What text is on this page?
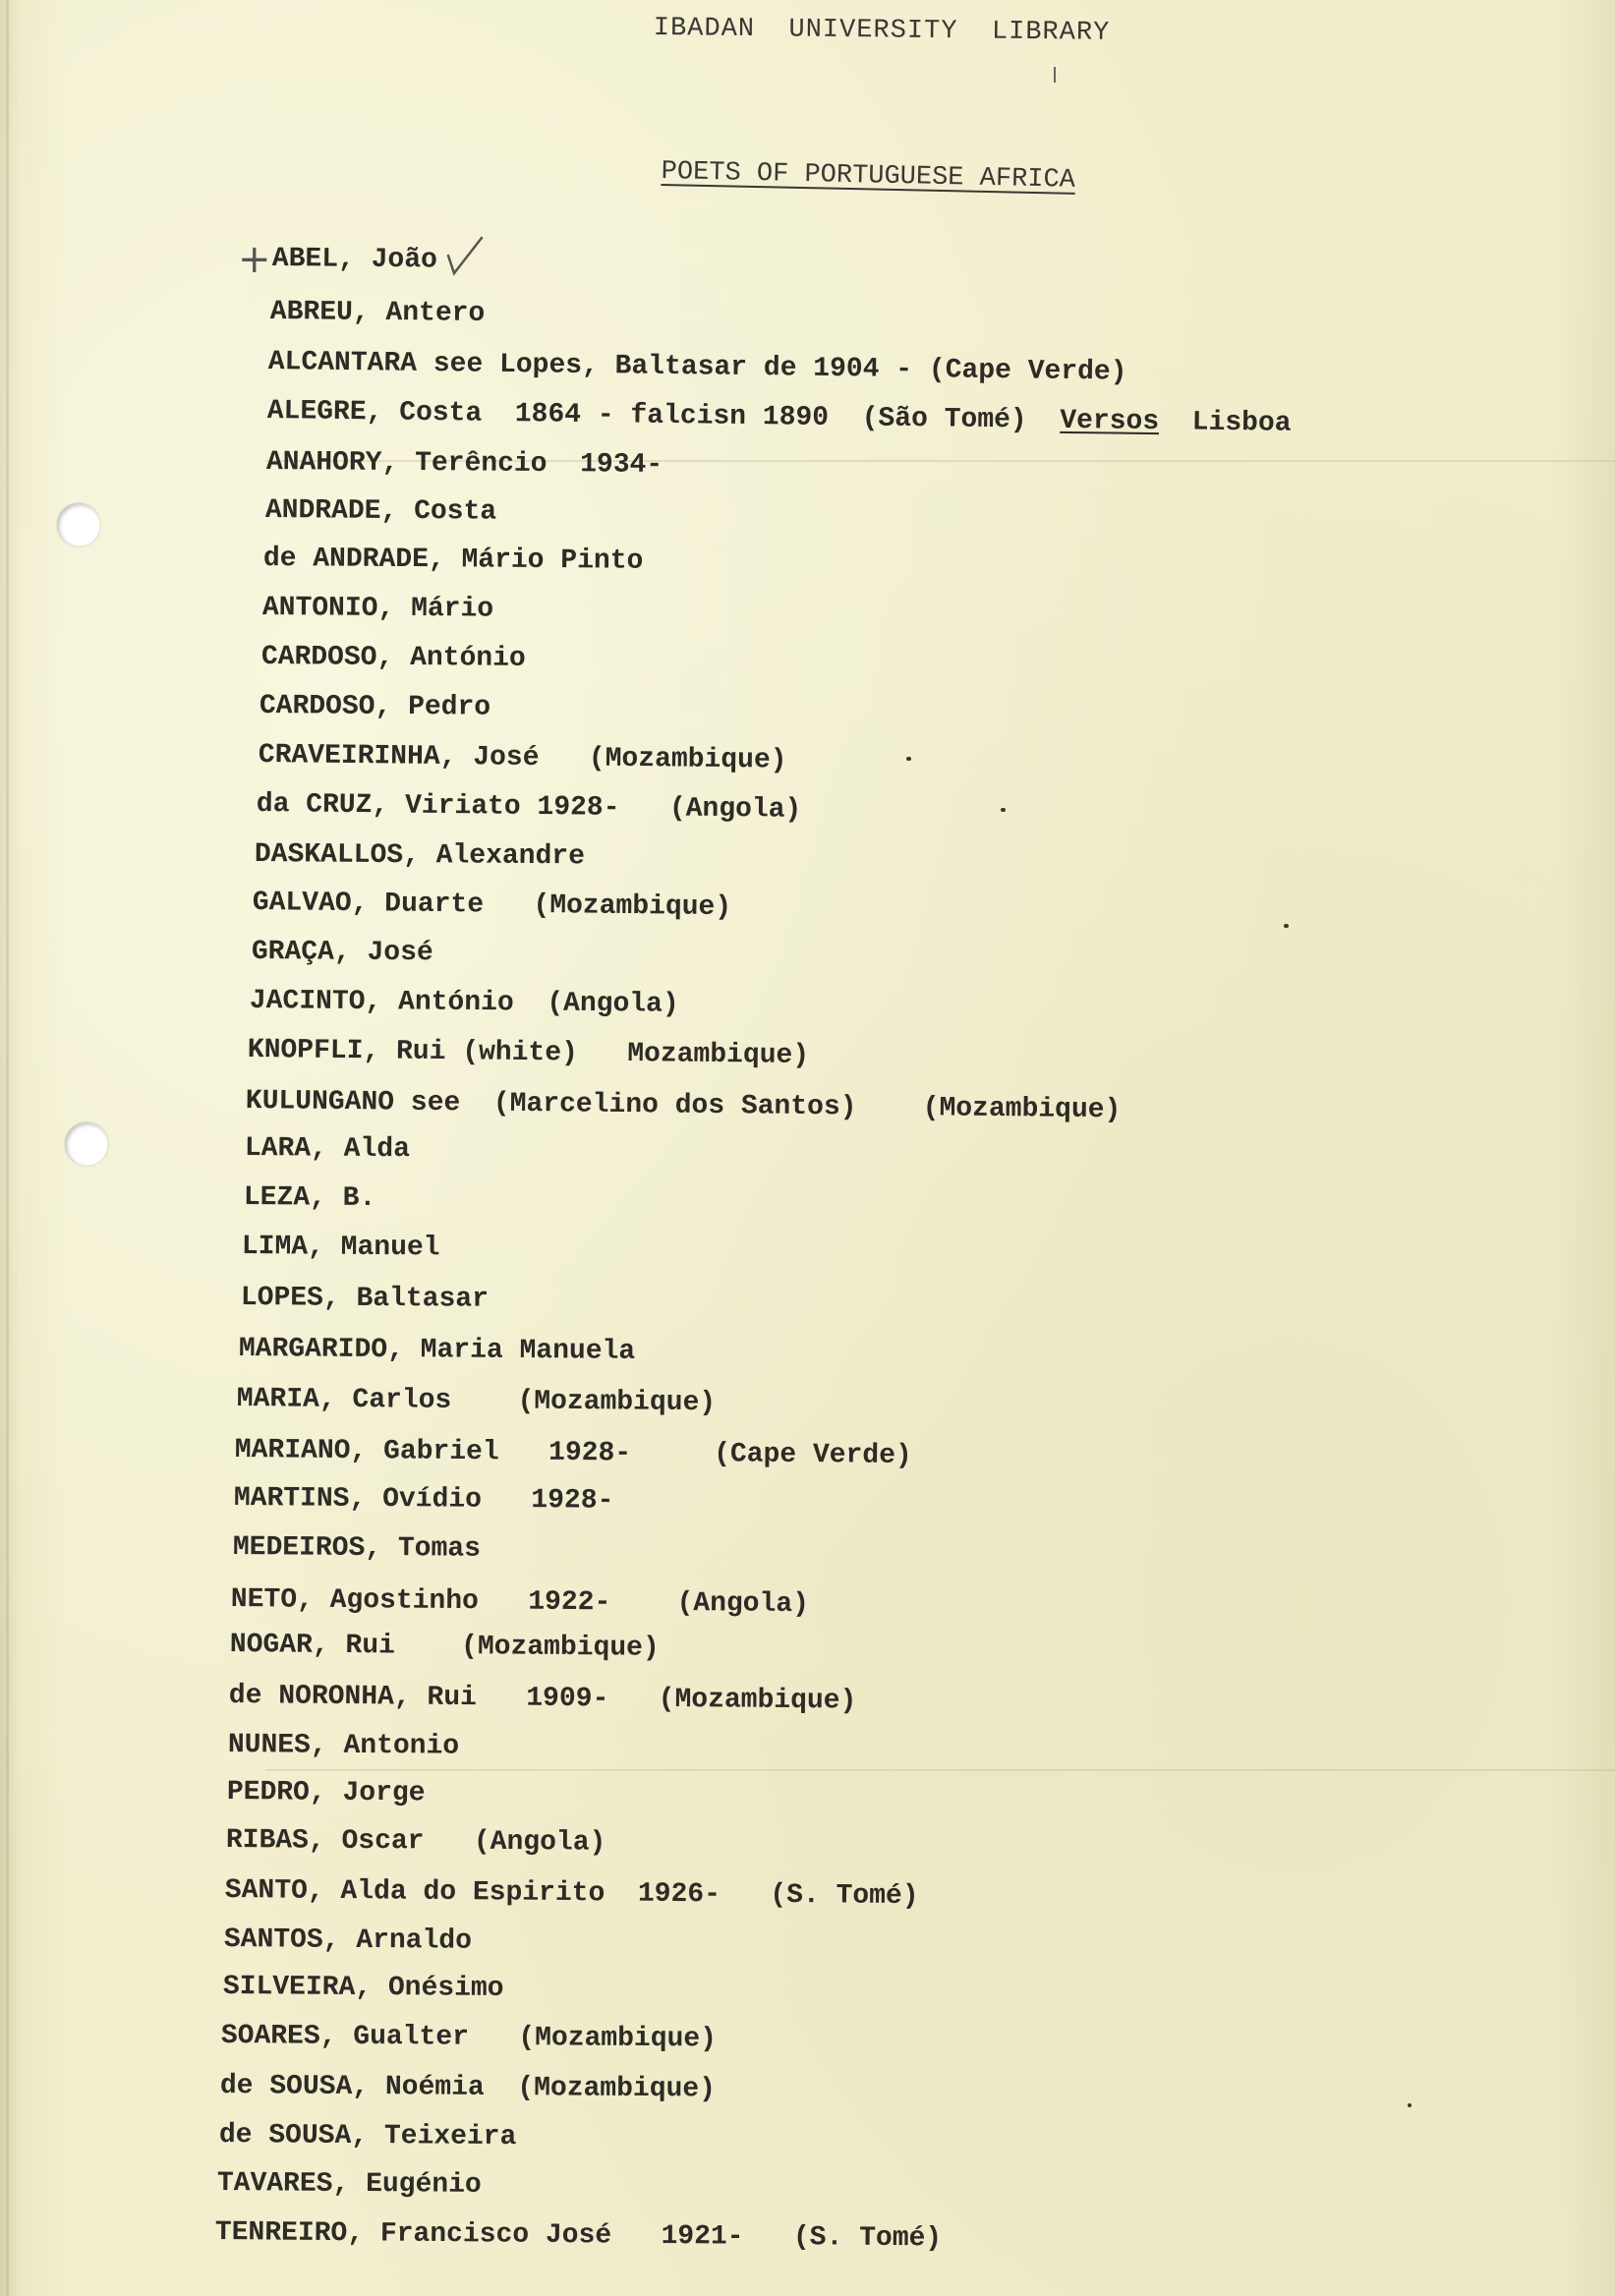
IBADAN  UNIVERSITY  LIBRARY
POETS OF PORTUGUESE AFRICA
+ ABEL, João
ABREU, Antero
ALCANTARA see Lopes, Baltasar de 1904 - (Cape Verde)
ALEGRE, Costa  1864 - falcisn 1890  (São Tomé) Versos Lisboa
ANAHORY, Terêncio  1934-
ANDRADE, Costa
de ANDRADE, Mário Pinto
ANTONIO, Mário
CARDOSO, António
CARDOSO, Pedro
CRAVEIRINHA, José   (Mozambique)
da CRUZ, Viriato 1928-   (Angola)
DASKALLOS, Alexandre
GALVAO, Duarte   (Mozambique)
GRAÇA, José
JACINTO, António  (Angola)
KNOPFLI, Rui (white)   Mozambique)
KULUNGANO see  (Marcelino dos Santos)    (Mozambique)
LARA, Alda
LEZA, B.
LIMA, Manuel
LOPES, Baltasar
MARGARIDO, Maria Manuela
MARIA, Carlos    (Mozambique)
MARIANO, Gabriel   1928-     (Cape Verde)
MARTINS, Ovídio   1928-
MEDEIROS, Tomas
NETO, Agostinho   1922-    (Angola)
NOGAR, Rui    (Mozambique)
de NORONHA, Rui   1909-   (Mozambique)
NUNES, Antonio
PEDRO, Jorge
RIBAS, Oscar   (Angola)
SANTO, Alda do Espirito  1926-   (S. Tomé)
SANTOS, Arnaldo
SILVEIRA, Onésimo
SOARES, Gualter   (Mozambique)
de SOUSA, Noémia  (Mozambique)
de SOUSA, Teixeira
TAVARES, Eugénio
TENREIRO, Francisco José   1921-   (S. Tomé)
